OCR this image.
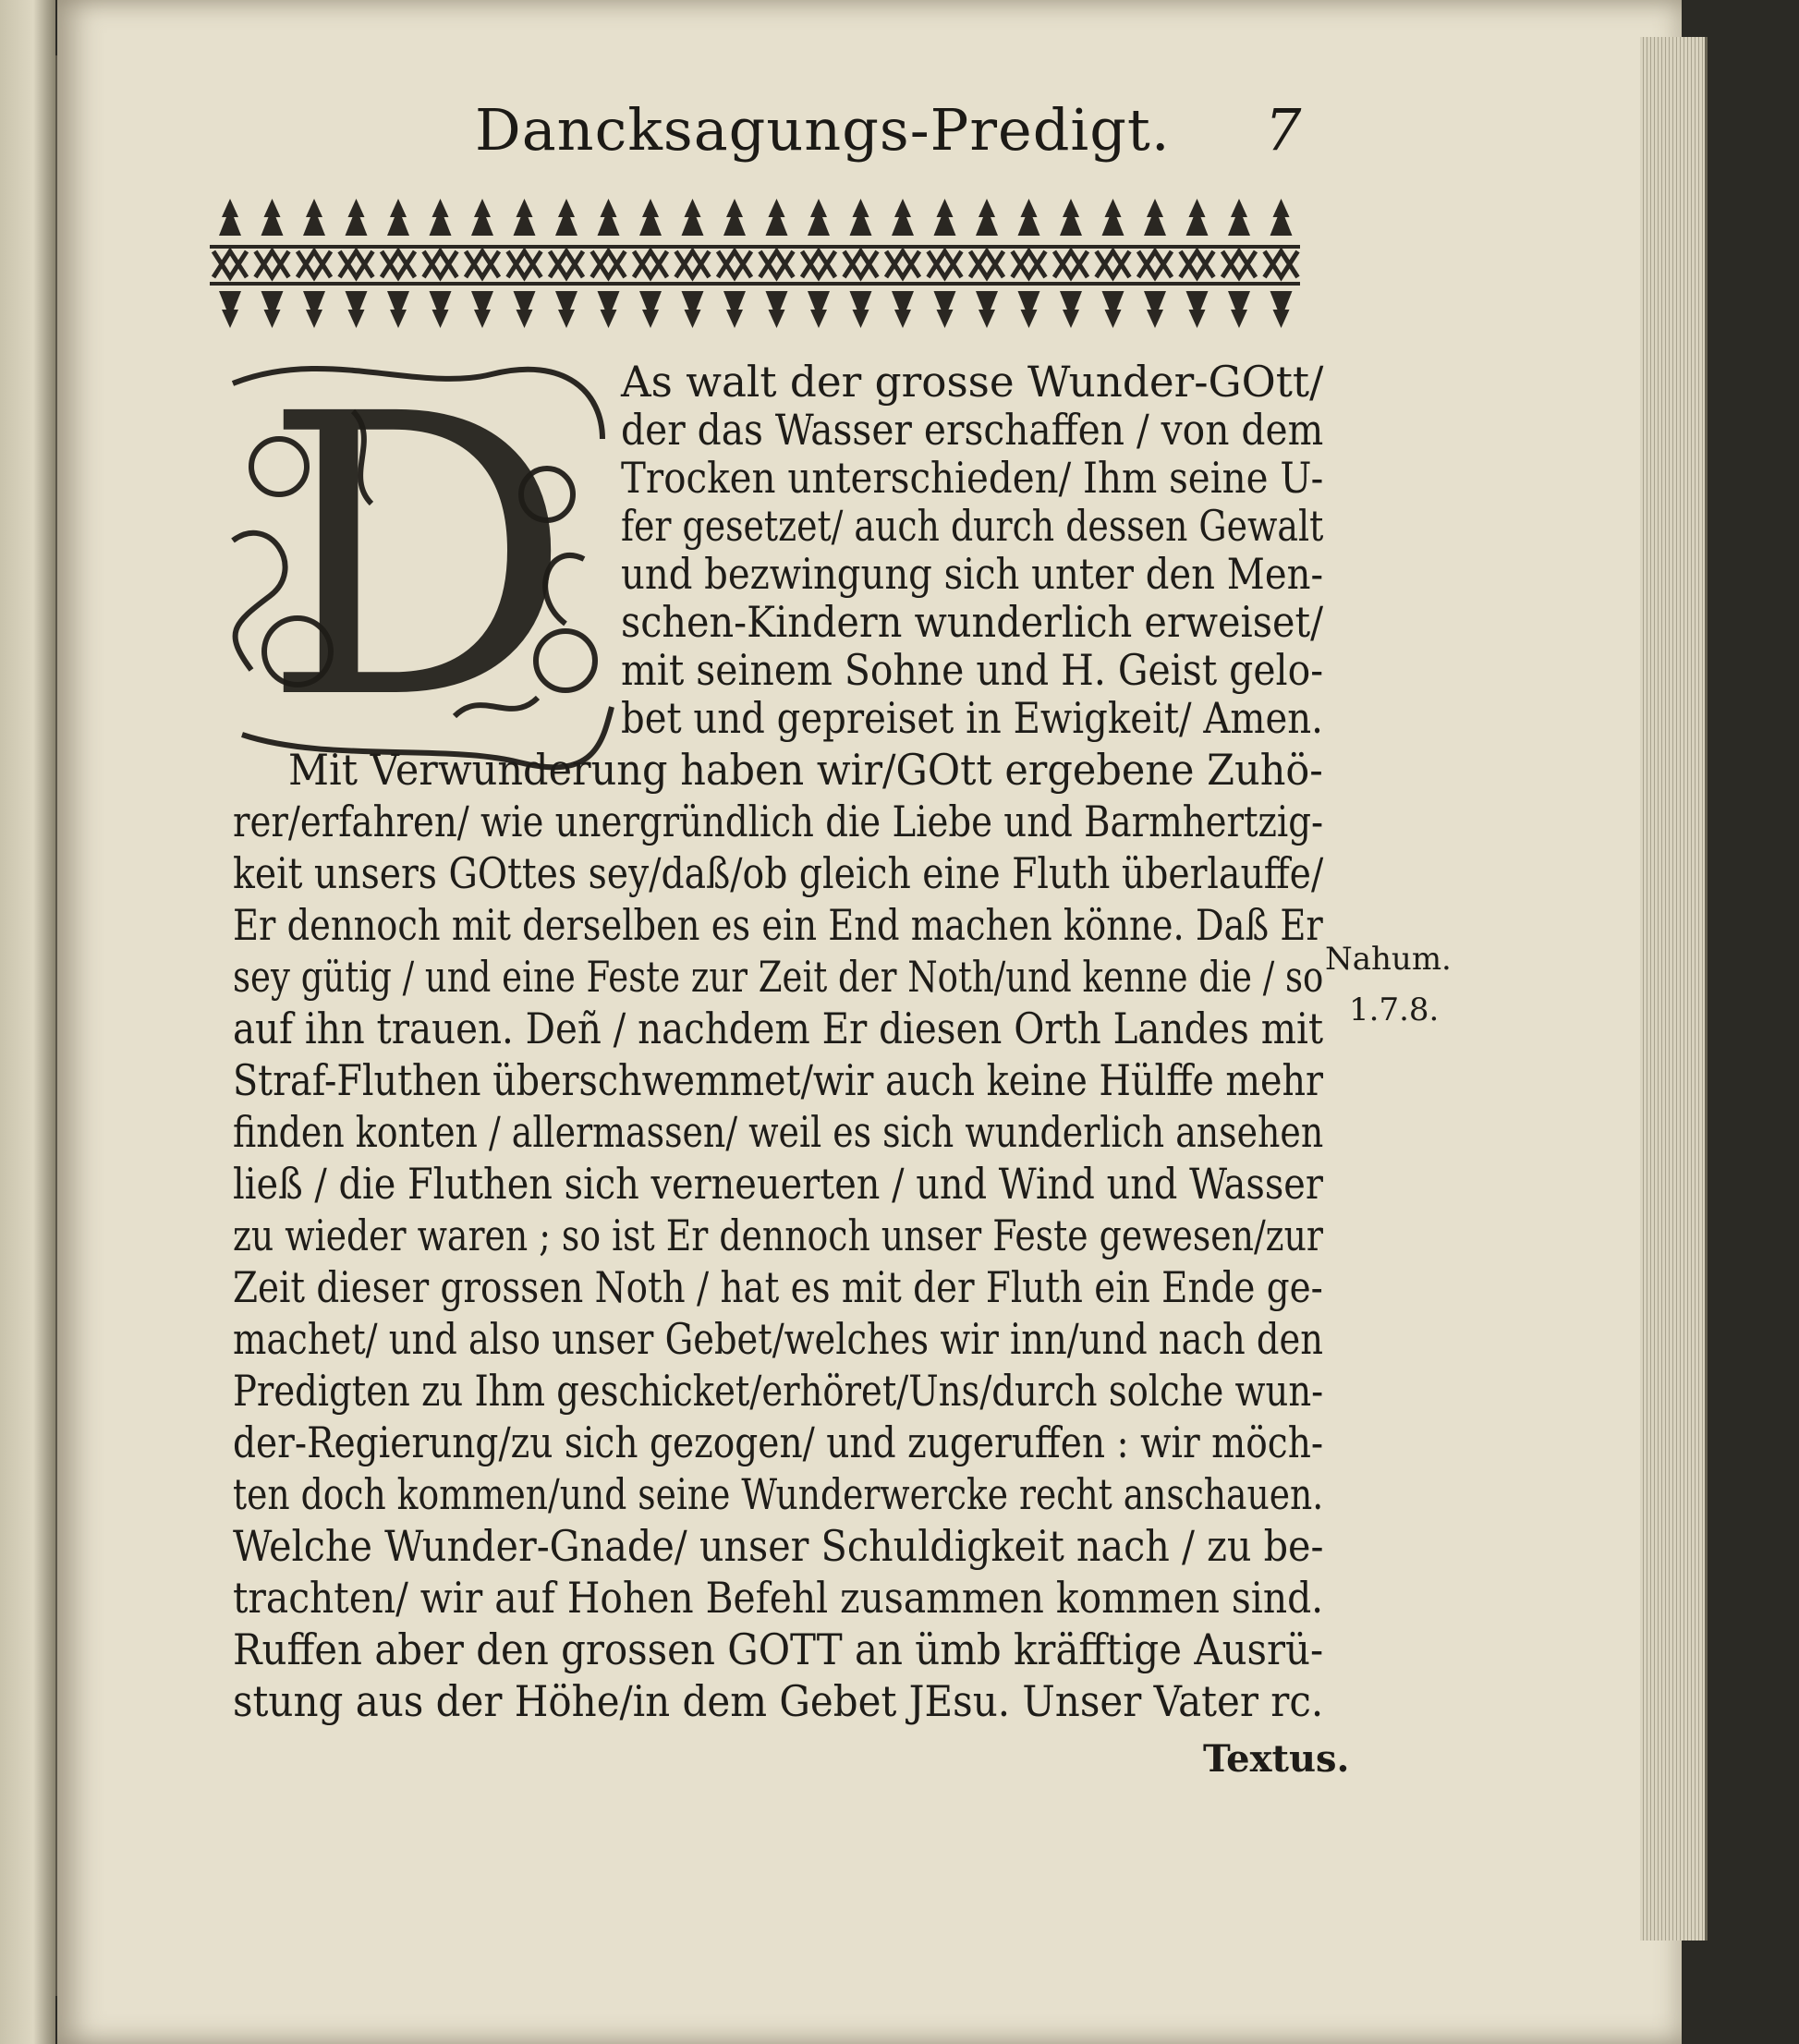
Dancksagungs-Predigt. 7
D	As walt der grosse Wunder-GOtt/
der das Wasser erschaffen / von dem
Trocken unterschieden/ Ihm seine U-
fer gesetzet/ auch durch dessen Gewalt
und bezwingung sich unter den Men-
schen-Kindern wunderlich erweiset/
mit seinem Sohne und H. Geist gelo-
bet und gepreiset in Ewigkeit/ Amen.
Mit Verwunderung haben wir/GOtt ergebene Zuhö-
rer/erfahren/ wie unergründlich die Liebe und Barmhertzig-
keit unsers GOttes sey/daß/ob gleich eine Fluth überlauffe/
Er dennoch mit derselben es ein End machen könne. Daß Er
sey gütig / und eine Feste zur Zeit der Noth/und kenne die / so
auf ihn trauen. Deñ / nachdem Er diesen Orth Landes mit
Straf-Fluthen überschwemmet/wir auch keine Hülffe mehr
finden konten / allermassen/ weil es sich wunderlich ansehen
ließ / die Fluthen sich verneuerten / und Wind und Wasser
zu wieder waren ; so ist Er dennoch unser Feste gewesen/zur
Zeit dieser grossen Noth / hat es mit der Fluth ein Ende ge-
machet/ und also unser Gebet/welches wir inn/und nach den
Predigten zu Ihm geschicket/erhöret/Uns/durch solche wun-
der-Regierung/zu sich gezogen/ und zugeruffen : wir möch-
ten doch kommen/und seine Wunderwercke recht anschauen.
Welche Wunder-Gnade/ unser Schuldigkeit nach / zu be-
trachten/ wir auf Hohen Befehl zusammen kommen sind.
Ruffen aber den grossen GOTT an ümb kräfftige Ausrü-
stung aus der Höhe/in dem Gebet JEsu. Unser Vater rc.
Nahum.
1.7.8.
Textus.
